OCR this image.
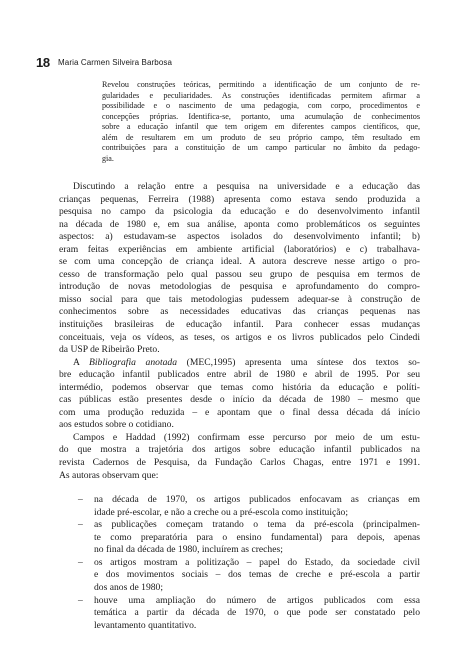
18 Maria Carmen Silveira Barbosa
Revelou construções teóricas, permitindo a identificação de um conjunto de re-
gularidades e peculiaridades. As construções identificadas permitem afirmar a
possibilidade e o nascimento de uma pedagogia, com corpo, procedimentos e
concepções próprias. Identifica-se, portanto, uma acumulação de conhecimentos
sobre a educação infantil que tem origem em diferentes campos científicos, que,
além de resultarem em um produto de seu próprio campo, têm resultado em
contribuições para a constituição de um campo particular no âmbito da pedago-
gia.
Discutindo a relação entre a pesquisa na universidade e a educação das
crianças pequenas, Ferreira (1988) apresenta como estava sendo produzida a
pesquisa no campo da psicologia da educação e do desenvolvimento infantil
na década de 1980 e, em sua análise, aponta como problemáticos os seguintes
aspectos: a) estudavam-se aspectos isolados do desenvolvimento infantil; b)
eram feitas experiências em ambiente artificial (laboratórios) e c) trabalhava-
se com uma concepção de criança ideal. A autora descreve nesse artigo o pro-
cesso de transformação pelo qual passou seu grupo de pesquisa em termos de
introdução de novas metodologias de pesquisa e aprofundamento do compro-
misso social para que tais metodologias pudessem adequar-se à construção de
conhecimentos sobre as necessidades educativas das crianças pequenas nas
instituições brasileiras de educação infantil. Para conhecer essas mudanças
conceituais, veja os vídeos, as teses, os artigos e os livros publicados pelo Cindedi
da USP de Ribeirão Preto.
A Bibliografia anotada (MEC,1995) apresenta uma síntese dos textos so-
bre educação infantil publicados entre abril de 1980 e abril de 1995. Por seu
intermédio, podemos observar que temas como história da educação e políti-
cas públicas estão presentes desde o início da década de 1980 – mesmo que
com uma produção reduzida – e apontam que o final dessa década dá início
aos estudos sobre o cotidiano.
Campos e Haddad (1992) confirmam esse percurso por meio de um estu-
do que mostra a trajetória dos artigos sobre educação infantil publicados na
revista Cadernos de Pesquisa, da Fundação Carlos Chagas, entre 1971 e 1991.
As autoras observam que:
– na década de 1970, os artigos publicados enfocavam as crianças em
idade pré-escolar, e não a creche ou a pré-escola como instituição;
– as publicações começam tratando o tema da pré-escola (principalmen-
te como preparatória para o ensino fundamental) para depois, apenas
no final da década de 1980, incluírem as creches;
– os artigos mostram a politização – papel do Estado, da sociedade civil
e dos movimentos sociais – dos temas de creche e pré-escola a partir
dos anos de 1980;
– houve uma ampliação do número de artigos publicados com essa
temática a partir da década de 1970, o que pode ser constatado pelo
levantamento quantitativo.
